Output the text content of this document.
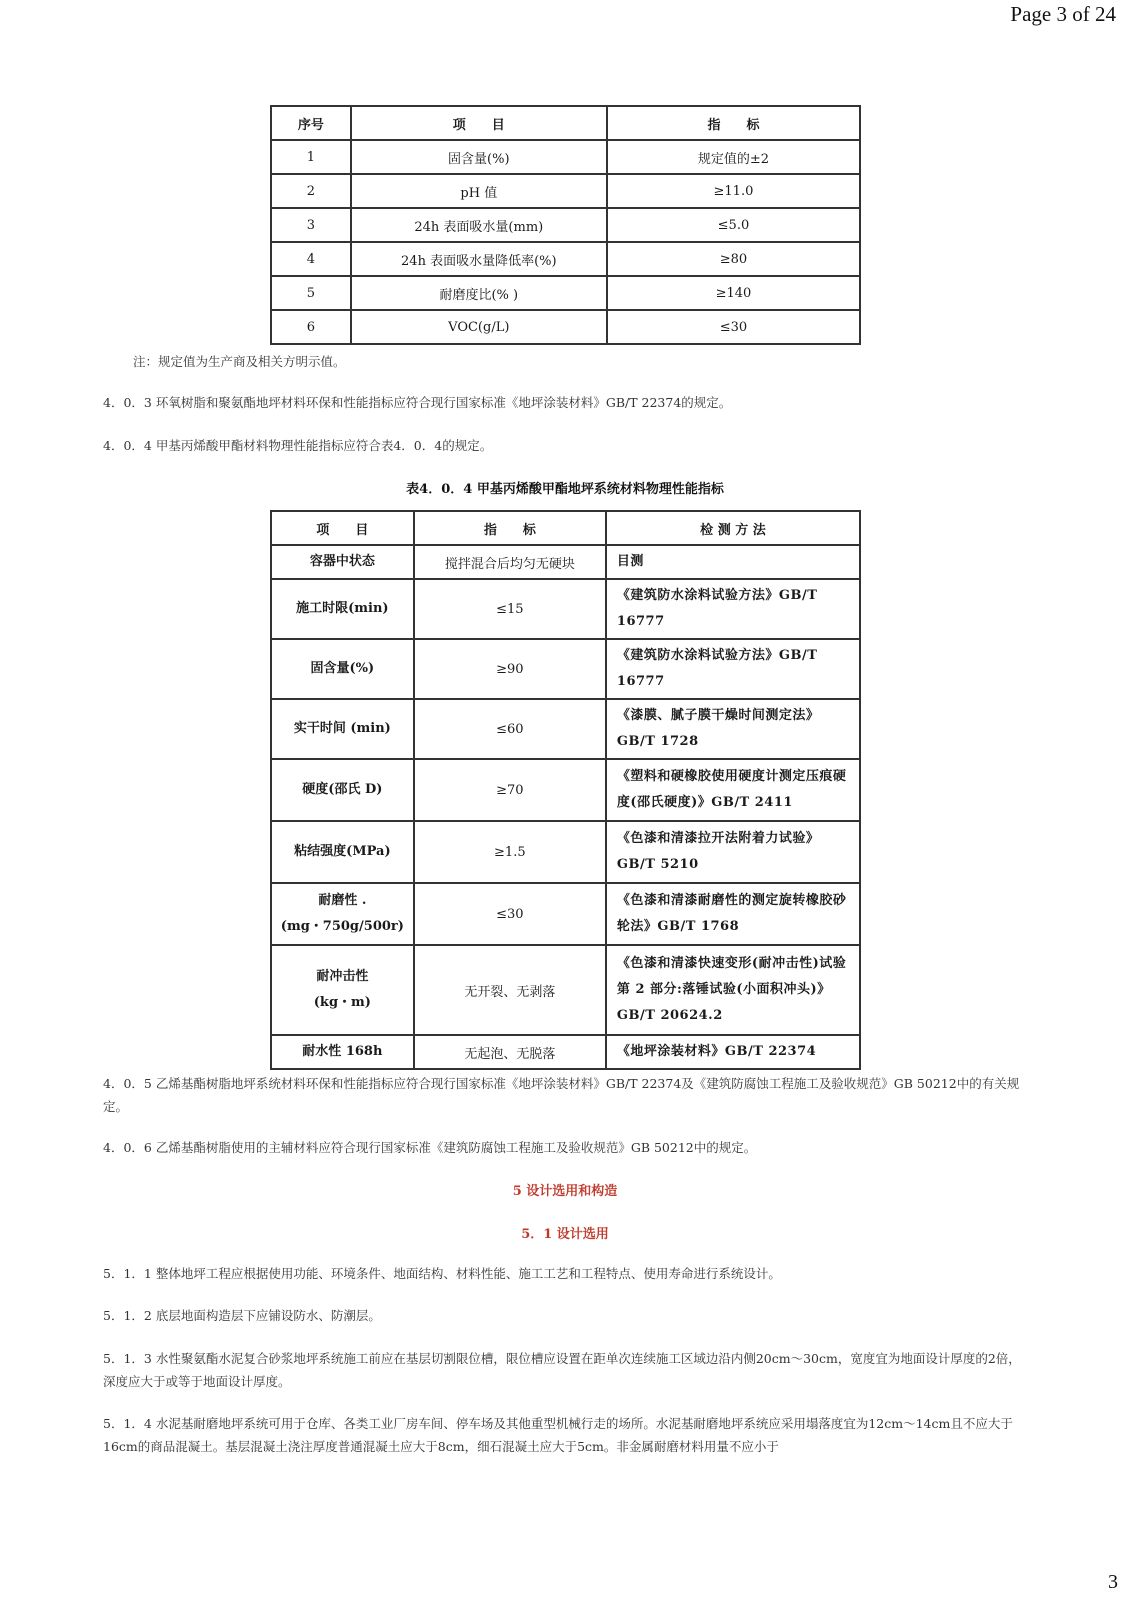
Page 3 of 24
序号	项　　目	指　　标
1	固含量(%)	规定值的±2
2	pH 值	≥11.0
3	24h 表面吸水量(mm)	≤5.0
4	24h 表面吸水量降低率(%)	≥80
5	耐磨度比(% )	≥140
6	VOC(g/L)	≤30

注：规定值为生产商及相关方明示值。

4．0．3 环氧树脂和聚氨酯地坪材料环保和性能指标应符合现行国家标准《地坪涂装材料》GB/T 22374的规定。

4．0．4 甲基丙烯酸甲酯材料物理性能指标应符合表4．0．4的规定。

表4．0．4 甲基丙烯酸甲酯地坪系统材料物理性能指标
项　　目	指　　标	检 测 方 法
容器中状态	搅拌混合后均匀无硬块	目测
施工时限(min)	≤15	《建筑防水涂料试验方法》GB/T 16777
固含量(%)	≥90	《建筑防水涂料试验方法》GB/T 16777
实干时间 (min)	≤60	《漆膜、腻子膜干燥时间测定法》GB/T 1728
硬度(邵氏 D)	≥70	《塑料和硬橡胶使用硬度计测定压痕硬度(邵氏硬度)》GB/T 2411
粘结强度(MPa)	≥1.5	《色漆和清漆拉开法附着力试验》GB/T 5210
耐磨性 .
(mg・750g/500r)	≤30	《色漆和清漆耐磨性的测定旋转橡胶砂轮法》GB/T 1768
耐冲击性
(kg・m)	无开裂、无剥落	《色漆和清漆快速变形(耐冲击性)试验　第 2 部分:落锤试验(小面积冲头)》GB/T 20624.2
耐水性 168h	无起泡、无脱落	《地坪涂装材料》GB/T 22374

4．0．5 乙烯基酯树脂地坪系统材料环保和性能指标应符合现行国家标准《地坪涂装材料》GB/T 22374及《建筑防腐蚀工程施工及验收规范》GB 50212中的有关规定。

4．0．6 乙烯基酯树脂使用的主辅材料应符合现行国家标准《建筑防腐蚀工程施工及验收规范》GB 50212中的规定。

5 设计选用和构造
5．1 设计选用

5．1．1 整体地坪工程应根据使用功能、环境条件、地面结构、材料性能、施工工艺和工程特点、使用寿命进行系统设计。

5．1．2 底层地面构造层下应铺设防水、防潮层。

5．1．3 水性聚氨酯水泥复合砂浆地坪系统施工前应在基层切割限位槽，限位槽应设置在距单次连续施工区域边沿内侧20cm～30cm，宽度宜为地面设计厚度的2倍，深度应大于或等于地面设计厚度。

5．1．4 水泥基耐磨地坪系统可用于仓库、各类工业厂房车间、停车场及其他重型机械行走的场所。水泥基耐磨地坪系统应采用塌落度宜为12cm～14cm且不应大于16cm的商品混凝土。基层混凝土浇注厚度普通混凝土应大于8cm，细石混凝土应大于5cm。非金属耐磨材料用量不应小于

3
